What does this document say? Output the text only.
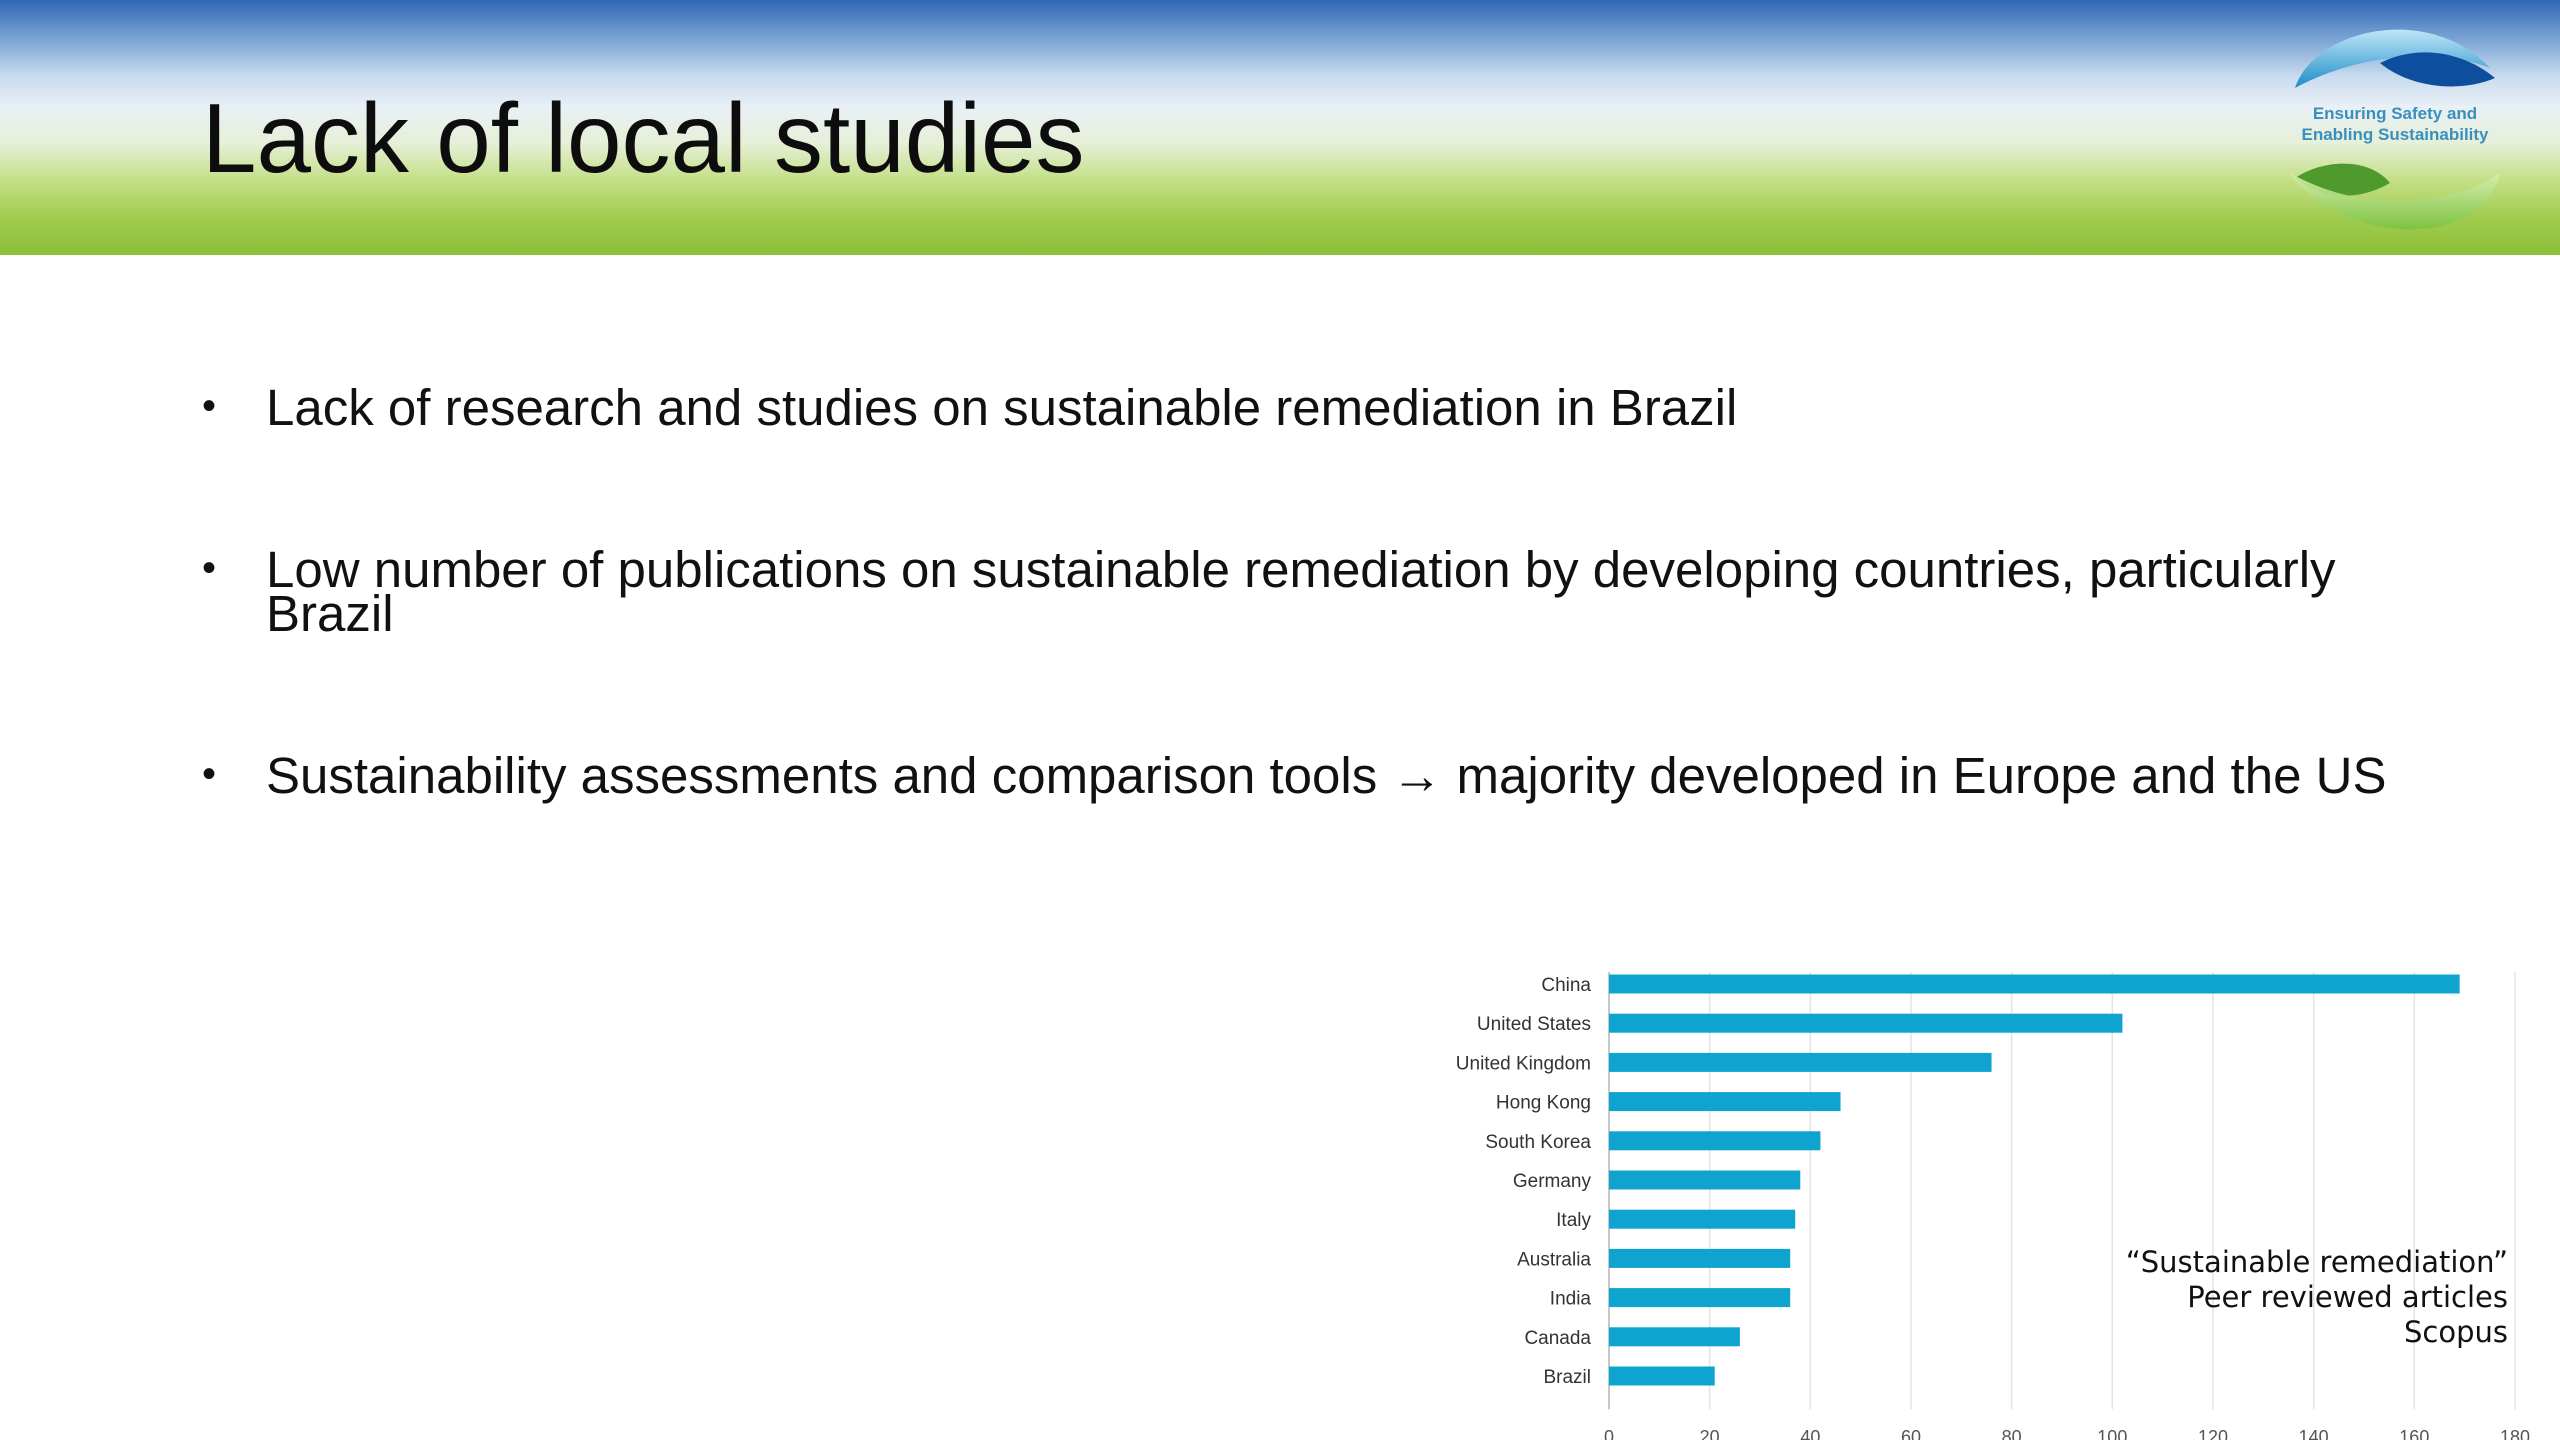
Lack of local studies	Ensuring Safety and
Enabling Sustainability
• Lack of research and studies on sustainable remediation in Brazil
• Low number of publications on sustainable remediation by developing countries, particularly Brazil
• Sustainability assessments and comparison tools → majority developed in Europe and the US
0	20	40	60	80	100	120	140	160	180
China
United States
United Kingdom
Hong Kong
South Korea
Germany
Italy
Australia
India
Canada
Brazil
“Sustainable remediation”
Peer reviewed articles
Scopus
